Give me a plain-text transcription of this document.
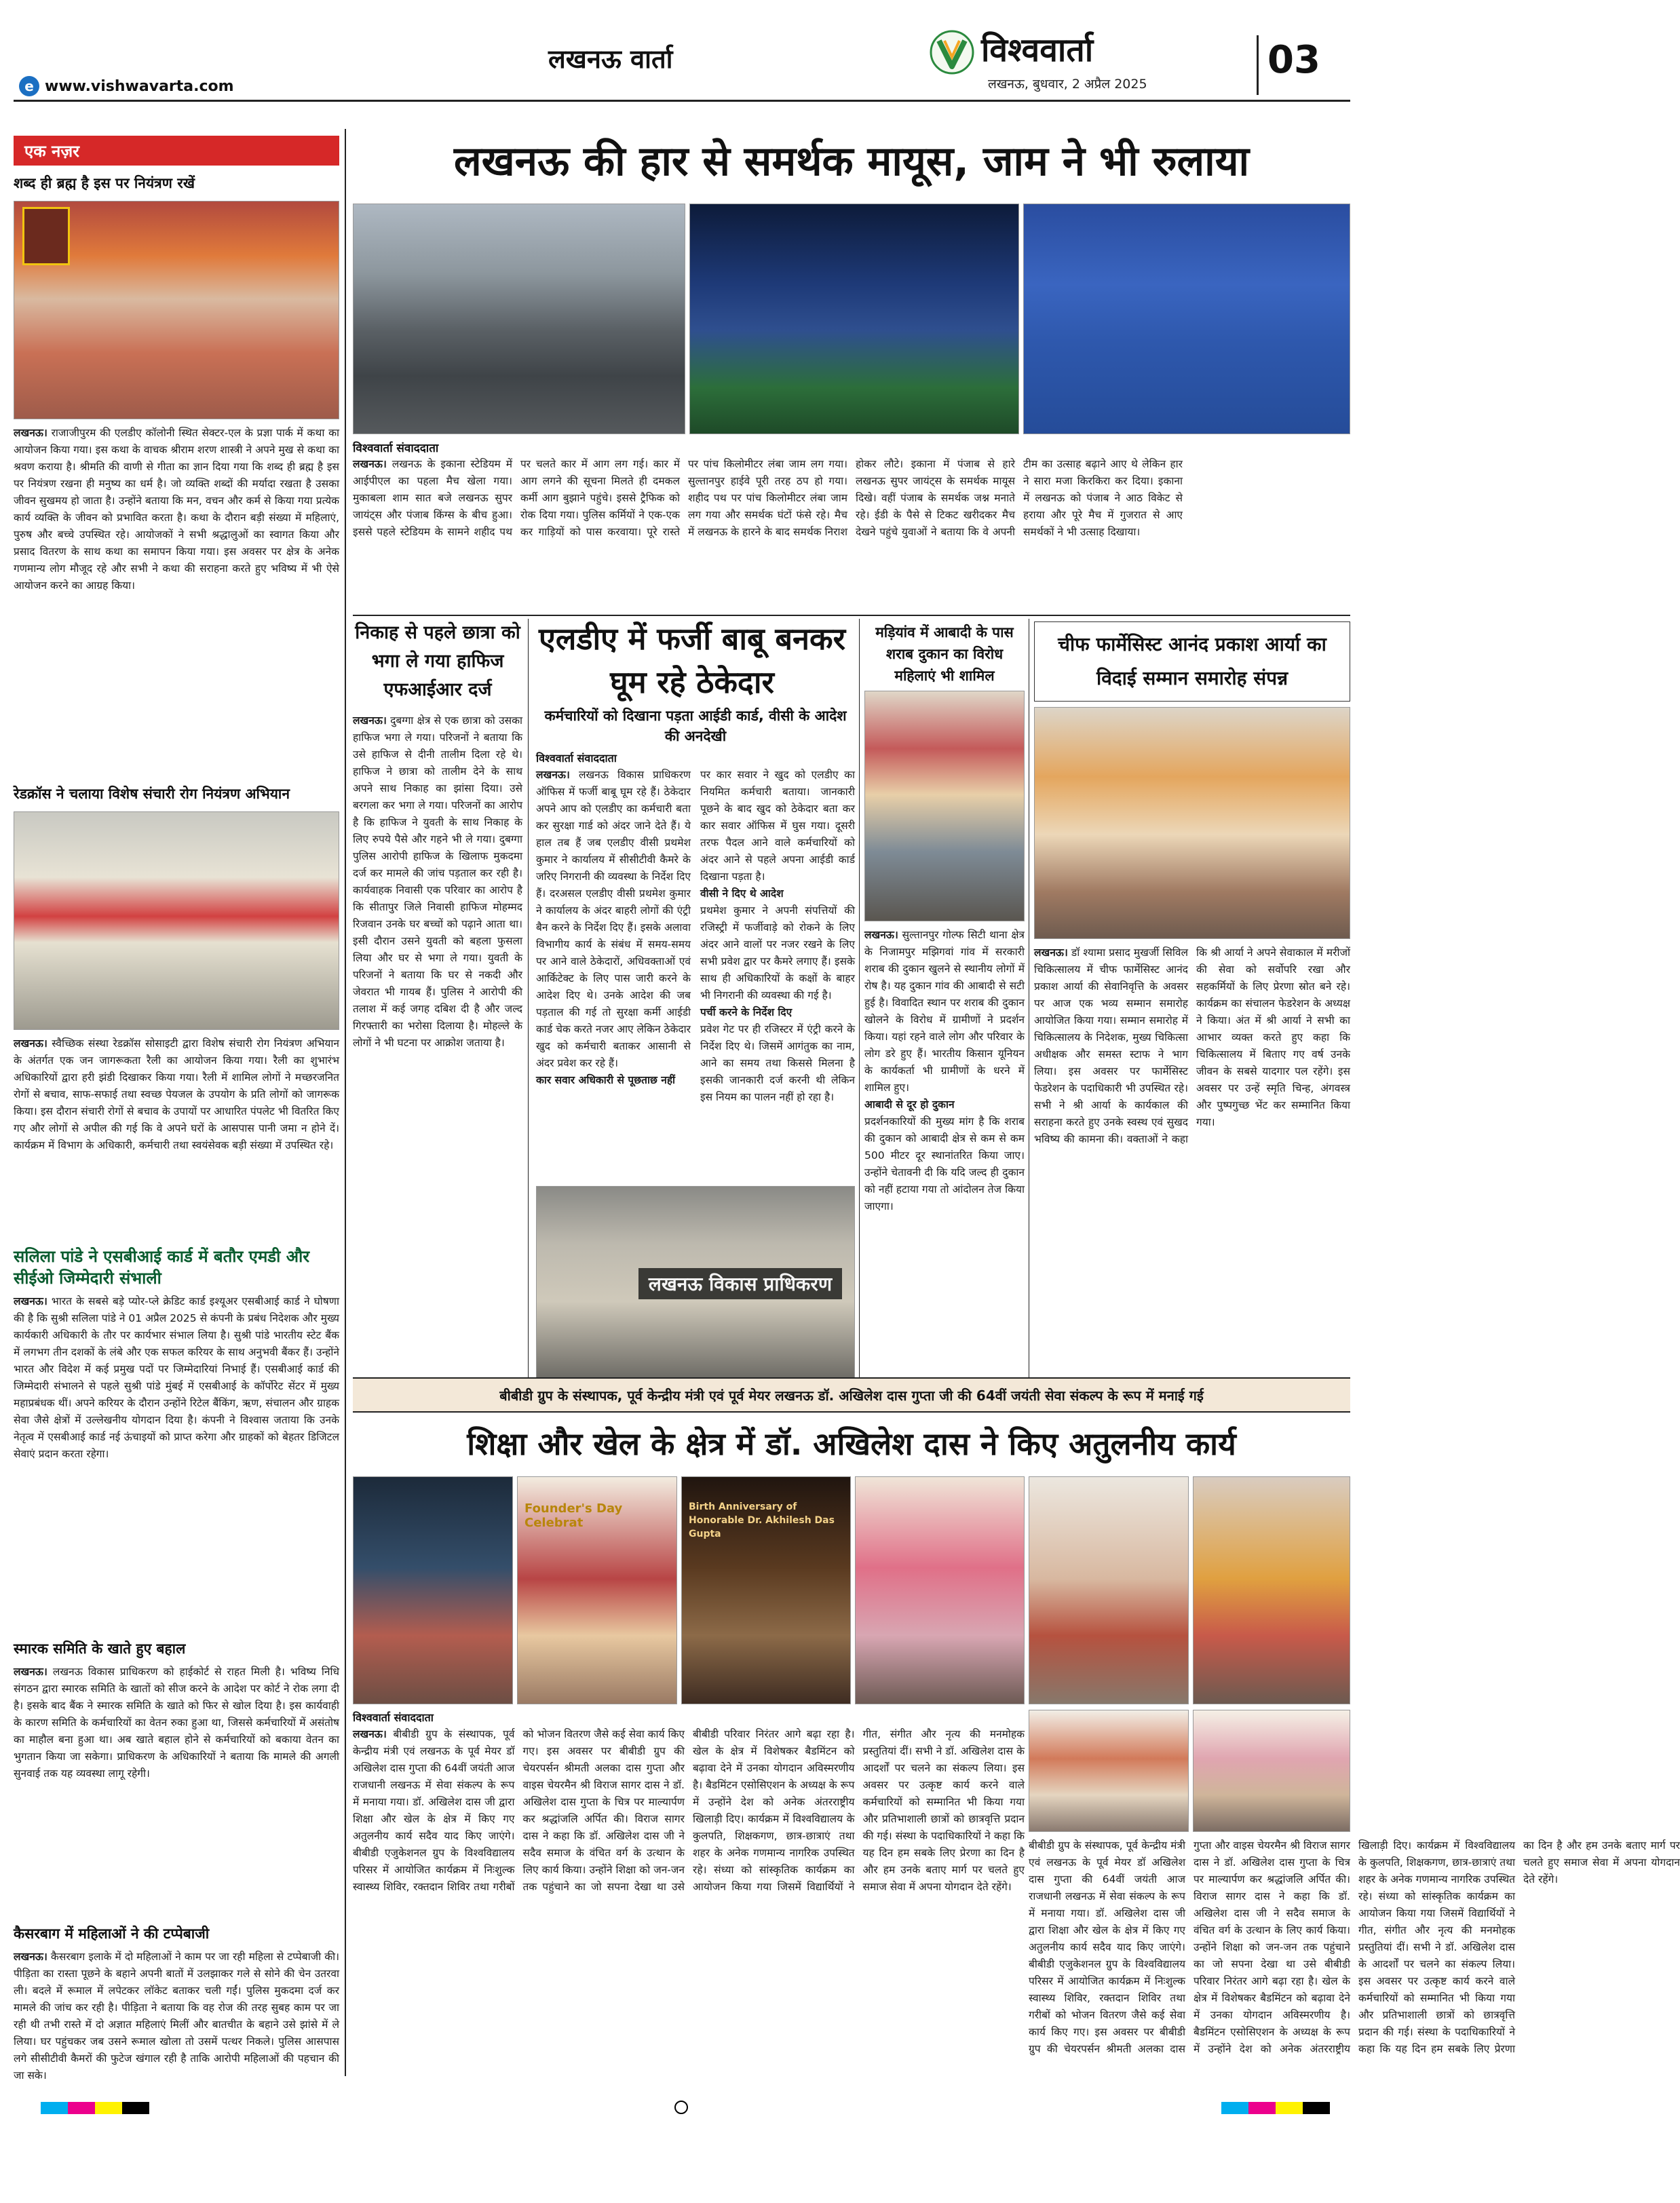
लखनऊ वार्ता
e www.vishwavarta.com
विश्ववार्ता
लखनऊ, बुधवार, 2 अप्रैल 2025
03
एक नज़र
शब्द ही ब्रह्म है इस पर नियंत्रण रखें
लखनऊ। राजाजीपुरम की एलडीए कॉलोनी स्थित सेक्टर-एल के प्रज्ञा पार्क में कथा का आयोजन किया गया। इस कथा के वाचक श्रीराम शरण शास्त्री ने अपने मुख से कथा का श्रवण कराया है। श्रीमति की वाणी से गीता का ज्ञान दिया गया कि शब्द ही ब्रह्म है इस पर नियंत्रण रखना ही मनुष्य का धर्म है। जो व्यक्ति शब्दों की मर्यादा रखता है उसका जीवन सुखमय हो जाता है। उन्होंने बताया कि मन, वचन और कर्म से किया गया प्रत्येक कार्य व्यक्ति के जीवन को प्रभावित करता है। कथा के दौरान बड़ी संख्या में महिलाएं, पुरुष और बच्चे उपस्थित रहे। आयोजकों ने सभी श्रद्धालुओं का स्वागत किया और प्रसाद वितरण के साथ कथा का समापन किया गया। इस अवसर पर क्षेत्र के अनेक गणमान्य लोग मौजूद रहे और सभी ने कथा की सराहना करते हुए भविष्य में भी ऐसे आयोजन करने का आग्रह किया।
रेडक्रॉस ने चलाया विशेष संचारी रोग नियंत्रण अभियान
लखनऊ। स्वैच्छिक संस्था रेडक्रॉस सोसाइटी द्वारा विशेष संचारी रोग नियंत्रण अभियान के अंतर्गत एक जन जागरूकता रैली का आयोजन किया गया। रैली का शुभारंभ अधिकारियों द्वारा हरी झंडी दिखाकर किया गया। रैली में शामिल लोगों ने मच्छरजनित रोगों से बचाव, साफ-सफाई तथा स्वच्छ पेयजल के उपयोग के प्रति लोगों को जागरूक किया। इस दौरान संचारी रोगों से बचाव के उपायों पर आधारित पंपलेट भी वितरित किए गए और लोगों से अपील की गई कि वे अपने घरों के आसपास पानी जमा न होने दें। कार्यक्रम में विभाग के अधिकारी, कर्मचारी तथा स्वयंसेवक बड़ी संख्या में उपस्थित रहे।
सलिला पांडे ने एसबीआई कार्ड में बतौर एमडी और सीईओ जिम्मेदारी संभाली
लखनऊ। भारत के सबसे बड़े प्योर-प्ले क्रेडिट कार्ड इश्यूअर एसबीआई कार्ड ने घोषणा की है कि सुश्री सलिला पांडे ने 01 अप्रैल 2025 से कंपनी के प्रबंध निदेशक और मुख्य कार्यकारी अधिकारी के तौर पर कार्यभार संभाल लिया है। सुश्री पांडे भारतीय स्टेट बैंक में लगभग तीन दशकों के लंबे और एक सफल करियर के साथ अनुभवी बैंकर हैं। उन्होंने भारत और विदेश में कई प्रमुख पदों पर जिम्मेदारियां निभाई हैं। एसबीआई कार्ड की जिम्मेदारी संभालने से पहले सुश्री पांडे मुंबई में एसबीआई के कॉर्पोरेट सेंटर में मुख्य महाप्रबंधक थीं। अपने करियर के दौरान उन्होंने रिटेल बैंकिंग, ऋण, संचालन और ग्राहक सेवा जैसे क्षेत्रों में उल्लेखनीय योगदान दिया है। कंपनी ने विश्वास जताया कि उनके नेतृत्व में एसबीआई कार्ड नई ऊंचाइयों को प्राप्त करेगा और ग्राहकों को बेहतर डिजिटल सेवाएं प्रदान करता रहेगा।
स्मारक समिति के खाते हुए बहाल
लखनऊ। लखनऊ विकास प्राधिकरण को हाईकोर्ट से राहत मिली है। भविष्य निधि संगठन द्वारा स्मारक समिति के खातों को सीज करने के आदेश पर कोर्ट ने रोक लगा दी है। इसके बाद बैंक ने स्मारक समिति के खाते को फिर से खोल दिया है। इस कार्यवाही के कारण समिति के कर्मचारियों का वेतन रुका हुआ था, जिससे कर्मचारियों में असंतोष का माहौल बना हुआ था। अब खाते बहाल होने से कर्मचारियों को बकाया वेतन का भुगतान किया जा सकेगा। प्राधिकरण के अधिकारियों ने बताया कि मामले की अगली सुनवाई तक यह व्यवस्था लागू रहेगी।
कैसरबाग में महिलाओं ने की टप्पेबाजी
लखनऊ। कैसरबाग इलाके में दो महिलाओं ने काम पर जा रही महिला से टप्पेबाजी की। पीड़िता का रास्ता पूछने के बहाने अपनी बातों में उलझाकर गले से सोने की चेन उतरवा ली। बदले में रूमाल में लपेटकर लॉकेट बताकर चली गईं। पुलिस मुकदमा दर्ज कर मामले की जांच कर रही है। पीड़िता ने बताया कि वह रोज की तरह सुबह काम पर जा रही थी तभी रास्ते में दो अज्ञात महिलाएं मिलीं और बातचीत के बहाने उसे झांसे में ले लिया। घर पहुंचकर जब उसने रूमाल खोला तो उसमें पत्थर निकले। पुलिस आसपास लगे सीसीटीवी कैमरों की फुटेज खंगाल रही है ताकि आरोपी महिलाओं की पहचान की जा सके।
लखनऊ की हार से समर्थक मायूस, जाम ने भी रुलाया
विश्ववार्ता संवाददाता
लखनऊ। लखनऊ के इकाना स्टेडियम में आईपीएल का पहला मैच खेला गया। मुकाबला शाम सात बजे लखनऊ सुपर जायंट्स और पंजाब किंग्स के बीच हुआ। इससे पहले स्टेडियम के सामने शहीद पथ पर चलते कार में आग लग गई। कार में आग लगने की सूचना मिलते ही दमकल कर्मी आग बुझाने पहुंचे। इससे ट्रैफिक को रोक दिया गया। पुलिस कर्मियों ने एक-एक कर गाड़ियों को पास करवाया। पूरे रास्ते पर पांच किलोमीटर लंबा जाम लग गया। सुल्तानपुर हाईवे पूरी तरह ठप हो गया। शहीद पथ पर पांच किलोमीटर लंबा जाम लग गया और समर्थक घंटों फंसे रहे। मैच में लखनऊ के हारने के बाद समर्थक निराश होकर लौटे। इकाना में पंजाब से हारे लखनऊ सुपर जायंट्स के समर्थक मायूस दिखे। वहीं पंजाब के समर्थक जश्न मनाते रहे। ईडी के पैसे से टिकट खरीदकर मैच देखने पहुंचे युवाओं ने बताया कि वे अपनी टीम का उत्साह बढ़ाने आए थे लेकिन हार ने सारा मजा किरकिरा कर दिया। इकाना में लखनऊ को पंजाब ने आठ विकेट से हराया और पूरे मैच में गुजरात से आए समर्थकों ने भी उत्साह दिखाया।
निकाह से पहले छात्रा को भगा ले गया हाफिज एफआईआर दर्ज
लखनऊ। दुबग्गा क्षेत्र से एक छात्रा को उसका हाफिज भगा ले गया। परिजनों ने बताया कि उसे हाफिज से दीनी तालीम दिला रहे थे। हाफिज ने छात्रा को तालीम देने के साथ अपने साथ निकाह का झांसा दिया। उसे बरगला कर भगा ले गया। परिजनों का आरोप है कि हाफिज ने युवती के साथ निकाह के लिए रुपये पैसे और गहने भी ले गया। दुबग्गा पुलिस आरोपी हाफिज के खिलाफ मुकदमा दर्ज कर मामले की जांच पड़ताल कर रही है। कार्यवाहक निवासी एक परिवार का आरोप है कि सीतापुर जिले निवासी हाफिज मोहम्मद रिजवान उनके घर बच्चों को पढ़ाने आता था। इसी दौरान उसने युवती को बहला फुसला लिया और घर से भगा ले गया। युवती के परिजनों ने बताया कि घर से नकदी और जेवरात भी गायब हैं। पुलिस ने आरोपी की तलाश में कई जगह दबिश दी है और जल्द गिरफ्तारी का भरोसा दिलाया है। मोहल्ले के लोगों ने भी घटना पर आक्रोश जताया है।
एलडीए में फर्जी बाबू बनकर घूम रहे ठेकेदार
कर्मचारियों को दिखाना पड़ता आईडी कार्ड, वीसी के आदेश की अनदेखी
विश्ववार्ता संवाददाता
लखनऊ। लखनऊ विकास प्राधिकरण ऑफिस में फर्जी बाबू घूम रहे हैं। ठेकेदार अपने आप को एलडीए का कर्मचारी बता कर सुरक्षा गार्ड को अंदर जाने देते हैं। ये हाल तब हैं जब एलडीए वीसी प्रथमेश कुमार ने कार्यालय में सीसीटीवी कैमरे के जरिए निगरानी की व्यवस्था के निर्देश दिए हैं। दरअसल एलडीए वीसी प्रथमेश कुमार ने कार्यालय के अंदर बाहरी लोगों की एंट्री बैन करने के निर्देश दिए हैं। इसके अलावा विभागीय कार्य के संबंध में समय-समय पर आने वाले ठेकेदारों, अधिवक्ताओं एवं आर्किटेक्ट के लिए पास जारी करने के आदेश दिए थे। उनके आदेश की जब पड़ताल की गई तो सुरक्षा कर्मी आईडी कार्ड चेक करते नजर आए लेकिन ठेकेदार खुद को कर्मचारी बताकर आसानी से अंदर प्रवेश कर रहे हैं।
कार सवार अधिकारी से पूछताछ नहीं
पर कार सवार ने खुद को एलडीए का नियमित कर्मचारी बताया। जानकारी पूछने के बाद खुद को ठेकेदार बता कर कार सवार ऑफिस में घुस गया। दूसरी तरफ पैदल आने वाले कर्मचारियों को अंदर आने से पहले अपना आईडी कार्ड दिखाना पड़ता है।
वीसी ने दिए थे आदेश
प्रथमेश कुमार ने अपनी संपत्तियों की रजिस्ट्री में फर्जीवाड़े को रोकने के लिए अंदर आने वालों पर नजर रखने के लिए सभी प्रवेश द्वार पर कैमरे लगाए हैं। इसके साथ ही अधिकारियों के कक्षों के बाहर भी निगरानी की व्यवस्था की गई है।
पर्ची करने के निर्देश दिए
प्रवेश गेट पर ही रजिस्टर में एंट्री करने के निर्देश दिए थे। जिसमें आगंतुक का नाम, आने का समय तथा किससे मिलना है इसकी जानकारी दर्ज करनी थी लेकिन इस नियम का पालन नहीं हो रहा है।
लखनऊ विकास प्राधिकरण
मड़ियांव में आबादी के पास शराब दुकान का विरोध महिलाएं भी शामिल
लखनऊ। सुल्तानपुर गोल्फ सिटी थाना क्षेत्र के निजामपुर मझिगवां गांव में सरकारी शराब की दुकान खुलने से स्थानीय लोगों में रोष है। यह दुकान गांव की आबादी से सटी हुई है। विवादित स्थान पर शराब की दुकान खोलने के विरोध में ग्रामीणों ने प्रदर्शन किया। यहां रहने वाले लोग और परिवार के लोग डरे हुए हैं। भारतीय किसान यूनियन के कार्यकर्ता भी ग्रामीणों के धरने में शामिल हुए।
आबादी से दूर हो दुकान
प्रदर्शनकारियों की मुख्य मांग है कि शराब की दुकान को आबादी क्षेत्र से कम से कम 500 मीटर दूर स्थानांतरित किया जाए। उन्होंने चेतावनी दी कि यदि जल्द ही दुकान को नहीं हटाया गया तो आंदोलन तेज किया जाएगा।
चीफ फार्मेसिस्ट आनंद प्रकाश आर्या का विदाई सम्मान समारोह संपन्न
लखनऊ। डॉ श्यामा प्रसाद मुखर्जी सिविल चिकित्सालय में चीफ फार्मेसिस्ट आनंद प्रकाश आर्या की सेवानिवृत्ति के अवसर पर आज एक भव्य सम्मान समारोह आयोजित किया गया। सम्मान समारोह में चिकित्सालय के निदेशक, मुख्य चिकित्सा अधीक्षक और समस्त स्टाफ ने भाग लिया। इस अवसर पर फार्मेसिस्ट फेडरेशन के पदाधिकारी भी उपस्थित रहे। सभी ने श्री आर्या के कार्यकाल की सराहना करते हुए उनके स्वस्थ एवं सुखद भविष्य की कामना की। वक्ताओं ने कहा कि श्री आर्या ने अपने सेवाकाल में मरीजों की सेवा को सर्वोपरि रखा और सहकर्मियों के लिए प्रेरणा स्रोत बने रहे। कार्यक्रम का संचालन फेडरेशन के अध्यक्ष ने किया। अंत में श्री आर्या ने सभी का आभार व्यक्त करते हुए कहा कि चिकित्सालय में बिताए गए वर्ष उनके जीवन के सबसे यादगार पल रहेंगे। इस अवसर पर उन्हें स्मृति चिन्ह, अंगवस्त्र और पुष्पगुच्छ भेंट कर सम्मानित किया गया।
बीबीडी ग्रुप के संस्थापक, पूर्व केन्द्रीय मंत्री एवं पूर्व मेयर लखनऊ डॉ. अखिलेश दास गुप्ता जी की 64वीं जयंती सेवा संकल्प के रूप में मनाई गई
शिक्षा और खेल के क्षेत्र में डॉ. अखिलेश दास ने किए अतुलनीय कार्य
Founder's Day Celebrat
Birth Anniversary of Honorable Dr. Akhilesh Das Gupta
विश्ववार्ता संवाददाता
लखनऊ। बीबीडी ग्रुप के संस्थापक, पूर्व केन्द्रीय मंत्री एवं लखनऊ के पूर्व मेयर डॉ अखिलेश दास गुप्ता की 64वीं जयंती आज राजधानी लखनऊ में सेवा संकल्प के रूप में मनाया गया। डॉ. अखिलेश दास जी द्वारा शिक्षा और खेल के क्षेत्र में किए गए अतुलनीय कार्य सदैव याद किए जाएंगे। बीबीडी एजुकेशनल ग्रुप के विश्वविद्यालय परिसर में आयोजित कार्यक्रम में निःशुल्क स्वास्थ्य शिविर, रक्तदान शिविर तथा गरीबों को भोजन वितरण जैसे कई सेवा कार्य किए गए। इस अवसर पर बीबीडी ग्रुप की चेयरपर्सन श्रीमती अलका दास गुप्ता और वाइस चेयरमैन श्री विराज सागर दास ने डॉ. अखिलेश दास गुप्ता के चित्र पर माल्यार्पण कर श्रद्धांजलि अर्पित की। विराज सागर दास ने कहा कि डॉ. अखिलेश दास जी ने सदैव समाज के वंचित वर्ग के उत्थान के लिए कार्य किया। उन्होंने शिक्षा को जन-जन तक पहुंचाने का जो सपना देखा था उसे बीबीडी परिवार निरंतर आगे बढ़ा रहा है। खेल के क्षेत्र में विशेषकर बैडमिंटन को बढ़ावा देने में उनका योगदान अविस्मरणीय है। बैडमिंटन एसोसिएशन के अध्यक्ष के रूप में उन्होंने देश को अनेक अंतरराष्ट्रीय खिलाड़ी दिए। कार्यक्रम में विश्वविद्यालय के कुलपति, शिक्षकगण, छात्र-छात्राएं तथा शहर के अनेक गणमान्य नागरिक उपस्थित रहे। संध्या को सांस्कृतिक कार्यक्रम का आयोजन किया गया जिसमें विद्यार्थियों ने गीत, संगीत और नृत्य की मनमोहक प्रस्तुतियां दीं। सभी ने डॉ. अखिलेश दास के आदर्शों पर चलने का संकल्प लिया। इस अवसर पर उत्कृष्ट कार्य करने वाले कर्मचारियों को सम्मानित भी किया गया और प्रतिभाशाली छात्रों को छात्रवृत्ति प्रदान की गई। संस्था के पदाधिकारियों ने कहा कि यह दिन हम सबके लिए प्रेरणा का दिन है और हम उनके बताए मार्ग पर चलते हुए समाज सेवा में अपना योगदान देते रहेंगे।
बीबीडी ग्रुप के संस्थापक, पूर्व केन्द्रीय मंत्री एवं लखनऊ के पूर्व मेयर डॉ अखिलेश दास गुप्ता की 64वीं जयंती आज राजधानी लखनऊ में सेवा संकल्प के रूप में मनाया गया। डॉ. अखिलेश दास जी द्वारा शिक्षा और खेल के क्षेत्र में किए गए अतुलनीय कार्य सदैव याद किए जाएंगे। बीबीडी एजुकेशनल ग्रुप के विश्वविद्यालय परिसर में आयोजित कार्यक्रम में निःशुल्क स्वास्थ्य शिविर, रक्तदान शिविर तथा गरीबों को भोजन वितरण जैसे कई सेवा कार्य किए गए। इस अवसर पर बीबीडी ग्रुप की चेयरपर्सन श्रीमती अलका दास गुप्ता और वाइस चेयरमैन श्री विराज सागर दास ने डॉ. अखिलेश दास गुप्ता के चित्र पर माल्यार्पण कर श्रद्धांजलि अर्पित की। विराज सागर दास ने कहा कि डॉ. अखिलेश दास जी ने सदैव समाज के वंचित वर्ग के उत्थान के लिए कार्य किया। उन्होंने शिक्षा को जन-जन तक पहुंचाने का जो सपना देखा था उसे बीबीडी परिवार निरंतर आगे बढ़ा रहा है। खेल के क्षेत्र में विशेषकर बैडमिंटन को बढ़ावा देने में उनका योगदान अविस्मरणीय है। बैडमिंटन एसोसिएशन के अध्यक्ष के रूप में उन्होंने देश को अनेक अंतरराष्ट्रीय खिलाड़ी दिए। कार्यक्रम में विश्वविद्यालय के कुलपति, शिक्षकगण, छात्र-छात्राएं तथा शहर के अनेक गणमान्य नागरिक उपस्थित रहे। संध्या को सांस्कृतिक कार्यक्रम का आयोजन किया गया जिसमें विद्यार्थियों ने गीत, संगीत और नृत्य की मनमोहक प्रस्तुतियां दीं। सभी ने डॉ. अखिलेश दास के आदर्शों पर चलने का संकल्प लिया। इस अवसर पर उत्कृष्ट कार्य करने वाले कर्मचारियों को सम्मानित भी किया गया और प्रतिभाशाली छात्रों को छात्रवृत्ति प्रदान की गई। संस्था के पदाधिकारियों ने कहा कि यह दिन हम सबके लिए प्रेरणा का दिन है और हम उनके बताए मार्ग पर चलते हुए समाज सेवा में अपना योगदान देते रहेंगे।
